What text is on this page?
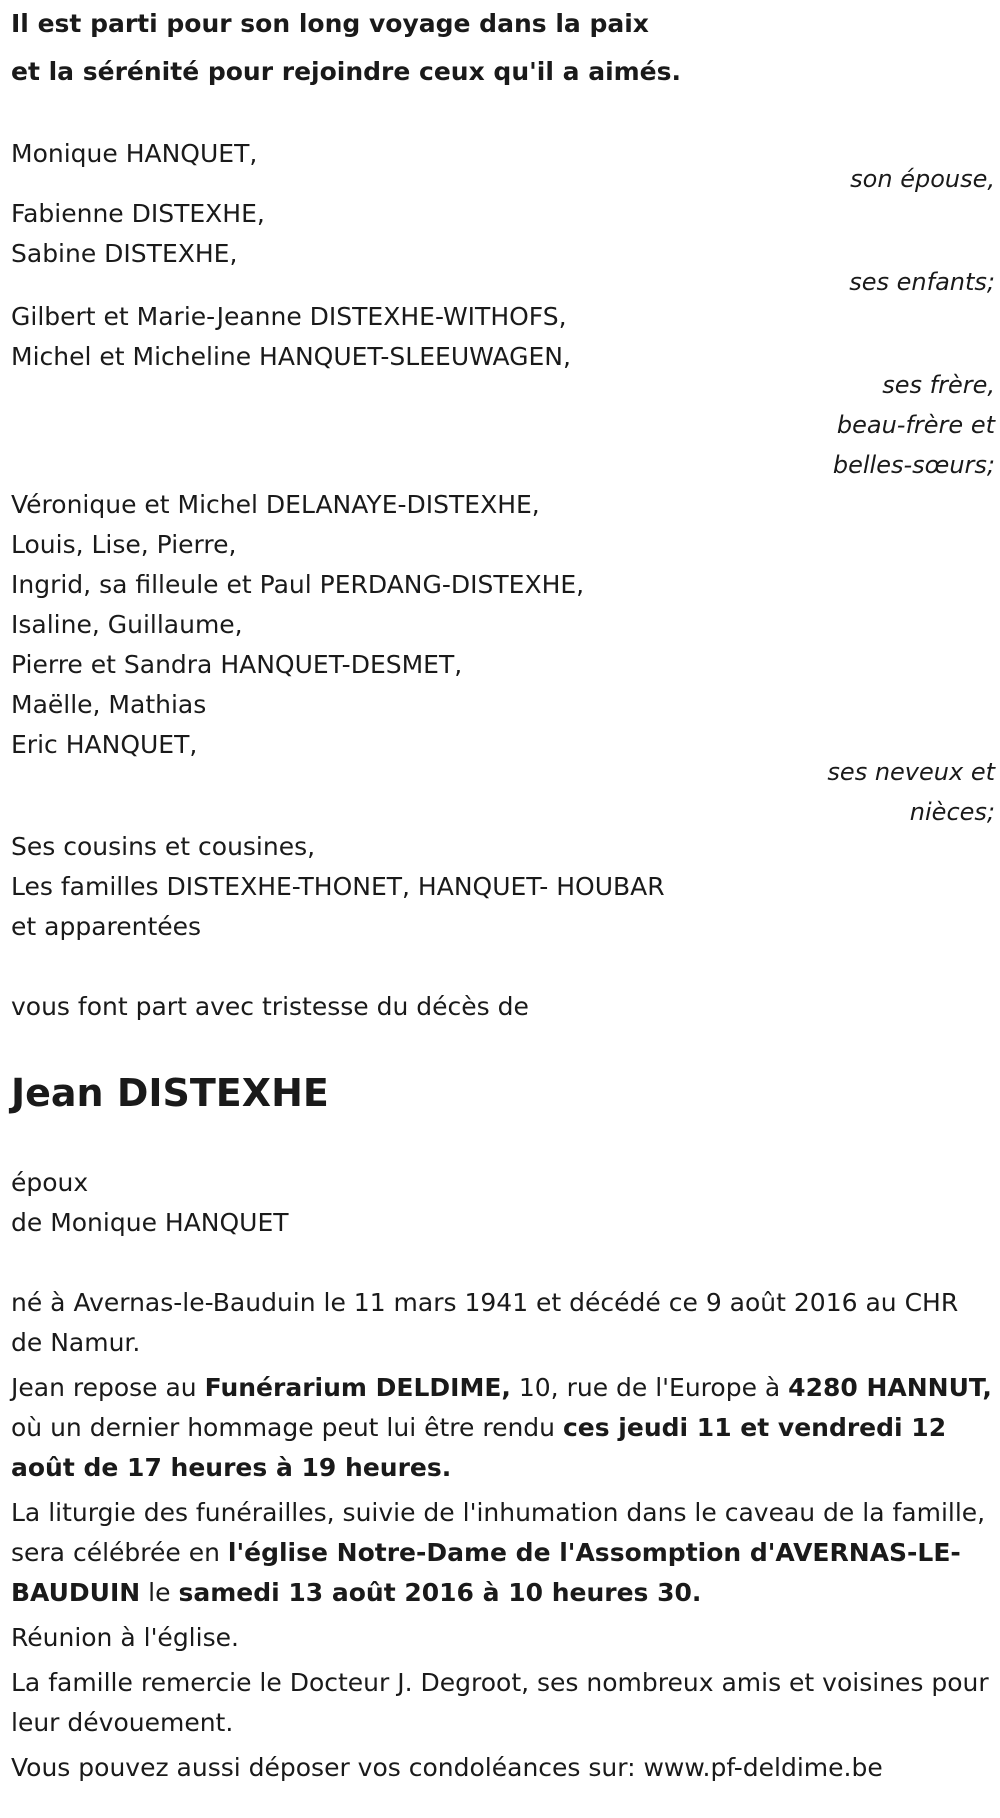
Il est parti pour son long voyage dans la paix
et la sérénité pour rejoindre ceux qu'il a aimés.
Monique HANQUET,
son épouse,
Fabienne DISTEXHE,
Sabine DISTEXHE,
ses enfants;
Gilbert et Marie-Jeanne DISTEXHE-WITHOFS,
Michel et Micheline HANQUET-SLEEUWAGEN,
ses frère,
beau-frère et
belles-sœurs;
Véronique et Michel DELANAYE-DISTEXHE,
Louis, Lise, Pierre,
Ingrid, sa filleule et Paul PERDANG-DISTEXHE,
Isaline, Guillaume,
Pierre et Sandra HANQUET-DESMET,
Maëlle, Mathias
Eric HANQUET,
ses neveux et
nièces;
Ses cousins et cousines,
Les familles DISTEXHE-THONET, HANQUET- HOUBAR
et apparentées
vous font part avec tristesse du décès de
Jean DISTEXHE
époux
de Monique HANQUET
né à Avernas-le-Bauduin le 11 mars 1941 et décédé ce 9 août 2016 au CHR de Namur.
Jean repose au Funérarium DELDIME, 10, rue de l'Europe à 4280 HANNUT, où un dernier hommage peut lui être rendu ces jeudi 11 et vendredi 12 août de 17 heures à 19 heures.
La liturgie des funérailles, suivie de l'inhumation dans le caveau de la famille, sera célébrée en l'église Notre-Dame de l'Assomption d'AVERNAS-LE-BAUDUIN le samedi 13 août 2016 à 10 heures 30.
Réunion à l'église.
La famille remercie le Docteur J. Degroot, ses nombreux amis et voisines pour leur dévouement.
Vous pouvez aussi déposer vos condoléances sur: www.pf-deldime.be
